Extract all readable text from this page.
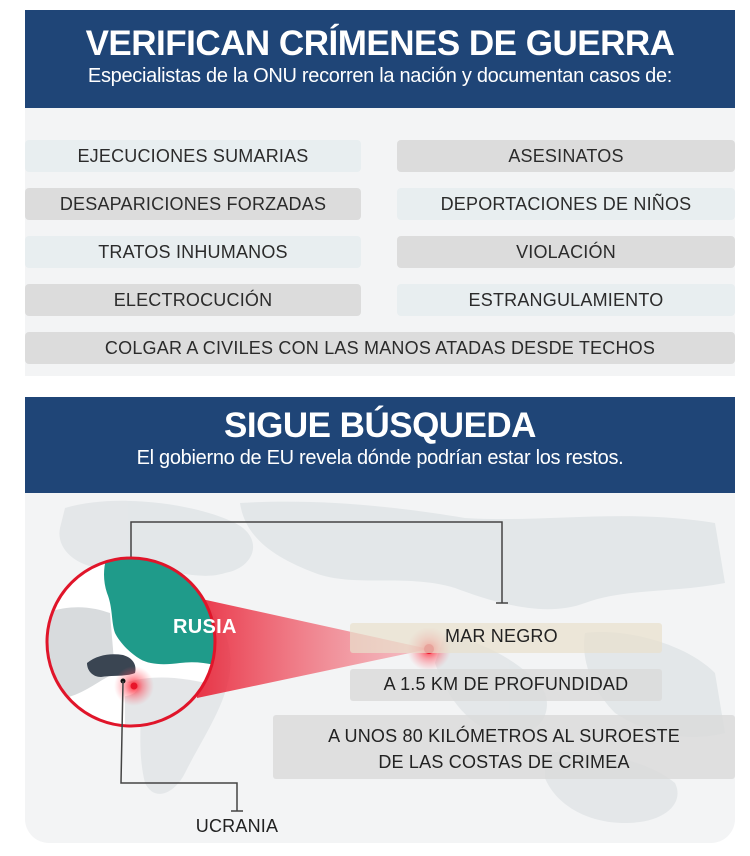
VERIFICAN CRÍMENES DE GUERRA

Especialistas de la ONU recorren la nación y documentan casos de:

EJECUCIONES SUMARIAS	ASESINATOS
DESAPARICIONES FORZADAS	DEPORTACIONES DE NIÑOS
TRATOS INHUMANOS	VIOLACIÓN
ELECTROCUCIÓN	ESTRANGULAMIENTO
COLGAR A CIVILES CON LAS MANOS ATADAS DESDE TECHOS
SIGUE BÚSQUEDA

El gobierno de EU revela dónde podrían estar los restos.

MAR NEGRO
A 1.5 KM DE PROFUNDIDAD
A UNOS 80 KILÓMETROS AL SUROESTE
DE LAS COSTAS DE CRIMEA
RUSIA
UCRANIA
